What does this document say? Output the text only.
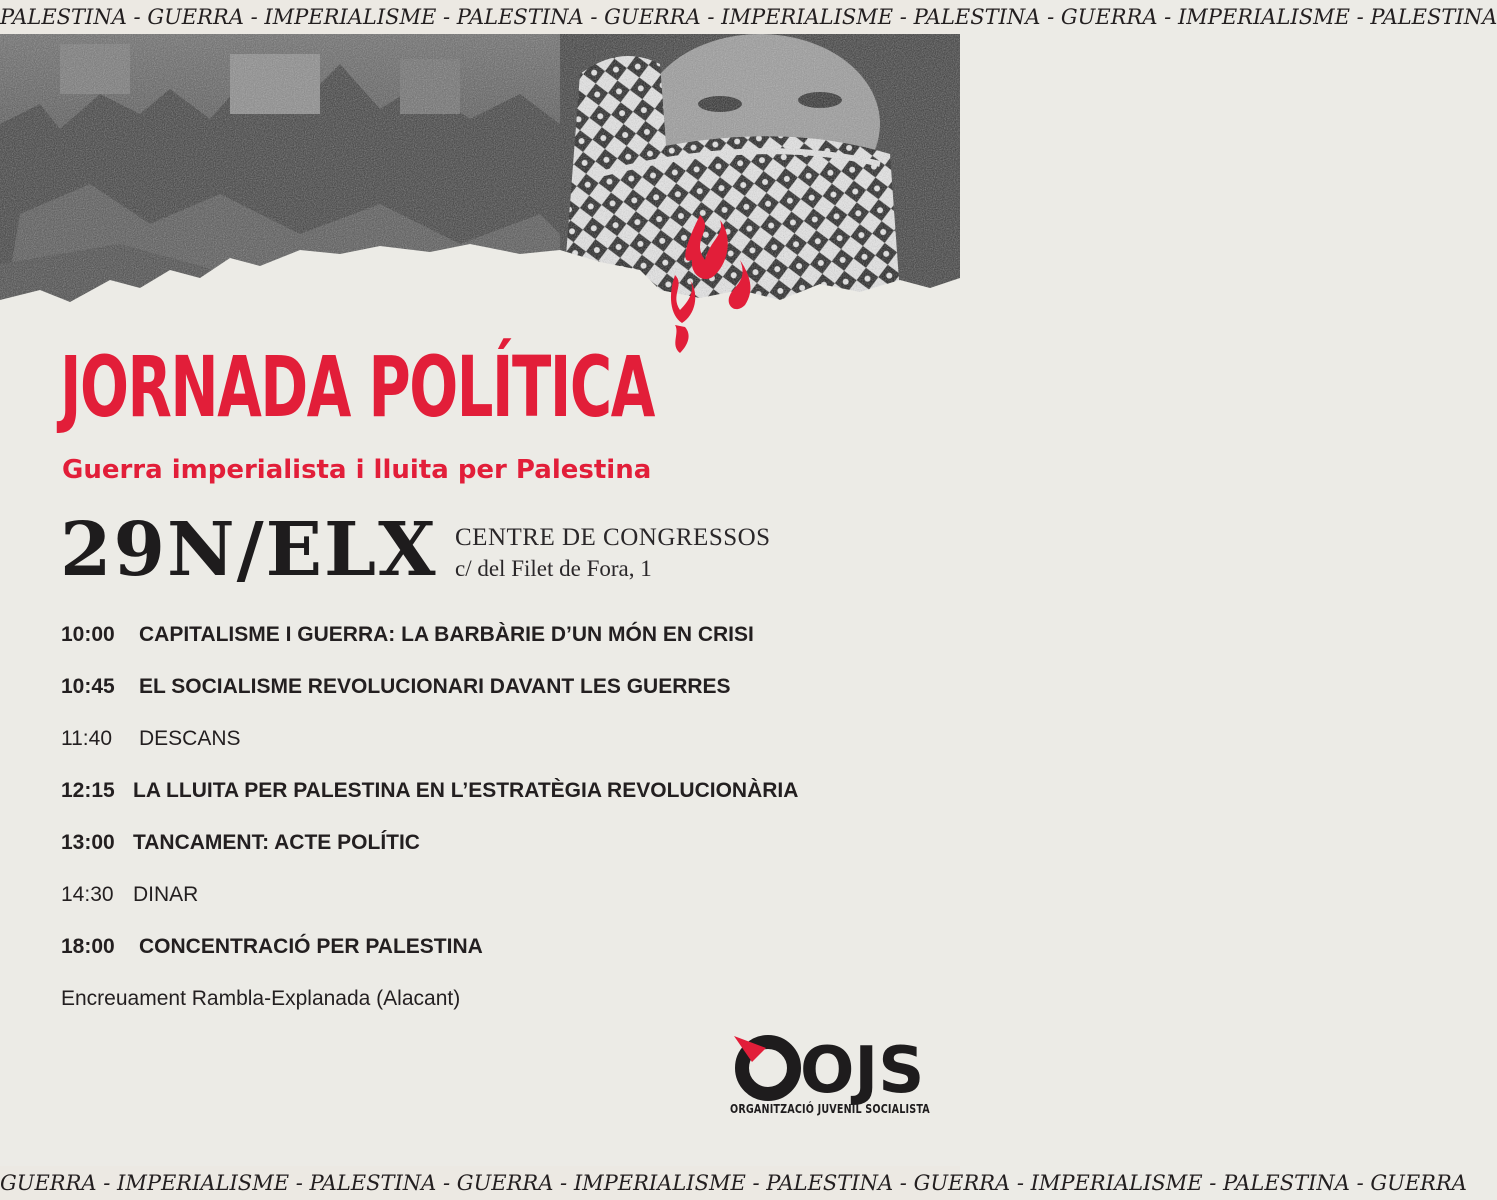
PALESTINA - GUERRA - IMPERIALISME - PALESTINA - GUERRA - IMPERIALISME - PALESTINA - GUERRA - IMPERIALISME - PALESTINA
JORNADA POLÍTICA
Guerra imperialista i lluita per Palestina
29N/ELX CENTRE DE CONGRESSOS
c/ del Filet de Fora, 1
10:00 CAPITALISME I GUERRA: LA BARBÀRIE D’UN MÓN EN CRISI
10:45 EL SOCIALISME REVOLUCIONARI DAVANT LES GUERRES
11:40 DESCANS
12:15 LA LLUITA PER PALESTINA EN L’ESTRATÈGIA REVOLUCIONÀRIA
13:00 TANCAMENT: ACTE POLÍTIC
14:30 DINAR
18:00 CONCENTRACIÓ PER PALESTINA
Encreuament Rambla-Explanada (Alacant)
OJS
ORGANITZACIÓ JUVENIL SOCIALISTA
GUERRA - IMPERIALISME - PALESTINA - GUERRA - IMPERIALISME - PALESTINA - GUERRA - IMPERIALISME - PALESTINA - GUERRA
